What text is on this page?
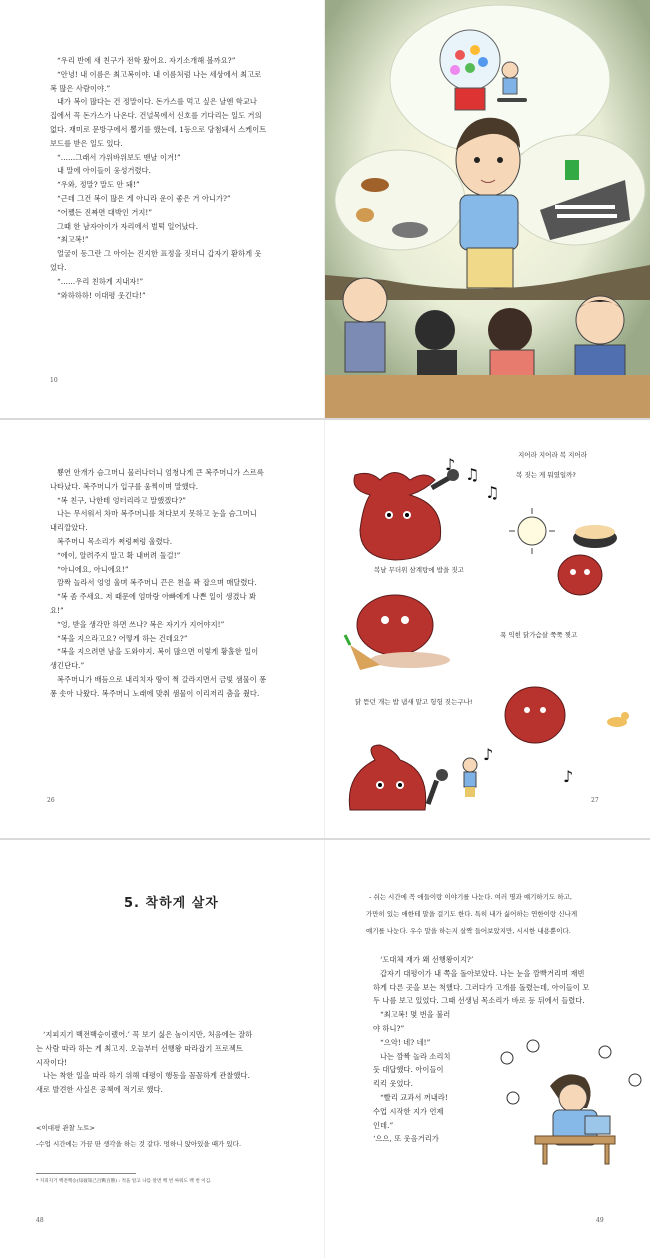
“우리 반에 새 친구가 전학 왔어요. 자기소개해 볼까요?”

“안녕! 내 이름은 최고복이야. 내 이름처럼 나는 세상에서 최고로

복 많은 사람이야.”

내가 복이 많다는 건 정말이다. 돈가스를 먹고 싶은 날엔 학교나

집에서 꼭 돈가스가 나온다. 건널목에서 신호를 기다리는 일도 거의

없다. 재미로 문방구에서 뽑기를 했는데, 1등으로 당첨돼서 스케이트

보드를 받은 일도 있다.

“……그래서 가위바위보도 맨날 이겨!”

내 말에 아이들이 웅성거렸다.

“우와, 정말? 말도 안 돼!”

“근데 그건 복이 많은 게 아니라 운이 좋은 거 아니가?”

“어쨌든 진짜면 대박인 거지!”

그때 한 남자아이가 자리에서 벌떡 일어났다.

“최고복!”

얼굴이 동그란 그 아이는 진지한 표정을 짓더니 갑자기 환하게 웃

었다.

“……우리 친하게 지내자!”

“와하하하! 이대평 웃긴다!”

10

뿅연 안개가 슴그머니 물러나더니 엄청나게 큰 복주머니가 스르륵

나타났다. 복주머니가 입구를 움찍이며 말했다.

“복 친구, 나한테 엉터리라고 말했겠다?”

나는 무서워서 차마 복주머니를 쳐다보지 못하고 눈을 슴그머니

내리깔았다.

복주머니 목소리가 쩌렁쩌렁 울렸다.

“에이, 알려주지 말고 확 내버려 둘걸!”

“아니에요, 아니에요!”

깜짝 놀라서 엉엉 울며 복주머니 끈은 천을 꽉 잡으며 매달렸다.

“복 좀 주세요. 저 때문에 엄마랑 아빠에게 나쁜 일이 생겼나 봐

요!”

“엉, 받을 생각만 하면 쓰나? 복은 자기가 지어야지!”

“복을 지으라고요? 어떻게 하는 건데요?”

“복을 지으려면 남을 도와야지. 복이 많으면 이렇게 황홀한 일이

생긴단다.”

복주머니가 배듬으로 내리치자 땅이 쩍 갈라지면서 금빛 샘물이 퐁

퐁 솟아 나왔다. 복주머니 노래에 맞춰 샘물이 이리저리 춤을 췄다.

26
♪
♫
♫
♪
♪
지어라 지어라 복 지어라
복 짓는 게 뭐였일까?
복날 무더위 삼계탕에 밥을 짓고
푹 익힌 닭가슴살 쭉쭉 찢고
닭 뜯던 개는 밥 냄새 맡고 헝헝 짖는구나!
27
5. 착하게 살자

‘지피지기 백전백승이랬어.’ 꼭 보기 싫은 놈이지만, 처음에는 잘하

는 사람 따라 하는 게 최고지. 오늘부터 선행왕 따라잡기 프로젝트

시작이다!

나는 착한 일을 따라 하기 위해 대평이 행동을 꼼꼼하게 관찰했다.

새로 발견한 사실은 공책에 적기로 했다.

<이대평 관찰 노트>
-수업 시간에는 가끔 딴 생각을 하는 것 같다. 멍하니 앉아있을 때가 있다.
* 지피지기 백전백승(知彼知己百戰百勝) : 적을 알고 나를 알면 백 번 싸워도 백 번 이김.
48
- 쉬는 시간에 꼭 애들이랑 이야기를 나눈다. 여러 명과 얘기하기도 하고,
가만히 있는 애한테 말을 걸기도 한다. 특히 내가 싫어하는 연한이랑 신나게
얘기를 나눈다. 우수 말을 하는지 살짝 들어보았지만, 시시한 내용뿐이다.

‘도대체 재가 왜 선행왕이지?’

갑자기 대평이가 내 쪽을 돌아보았다. 나는 눈을 깜빡거리며 재빈

하게 다른 곳을 보는 척했다. 그러다가 고개를 돌렸는데, 아이들이 모

두 나를 보고 있었다. 그때 선생님 목소리가 바로 등 뒤에서 들렸다.

“최고복! 몇 번을 불러

야 하니?”

“으악! 네? 네!”

나는 깜짝 놀라 소리치

듯 대답했다. 아이들이

킥킥 웃었다.

“빨리 교과서 꺼내라!

수업 시작한 지가 언제

인데.”

‘으으, 또 웃음거리가

49
